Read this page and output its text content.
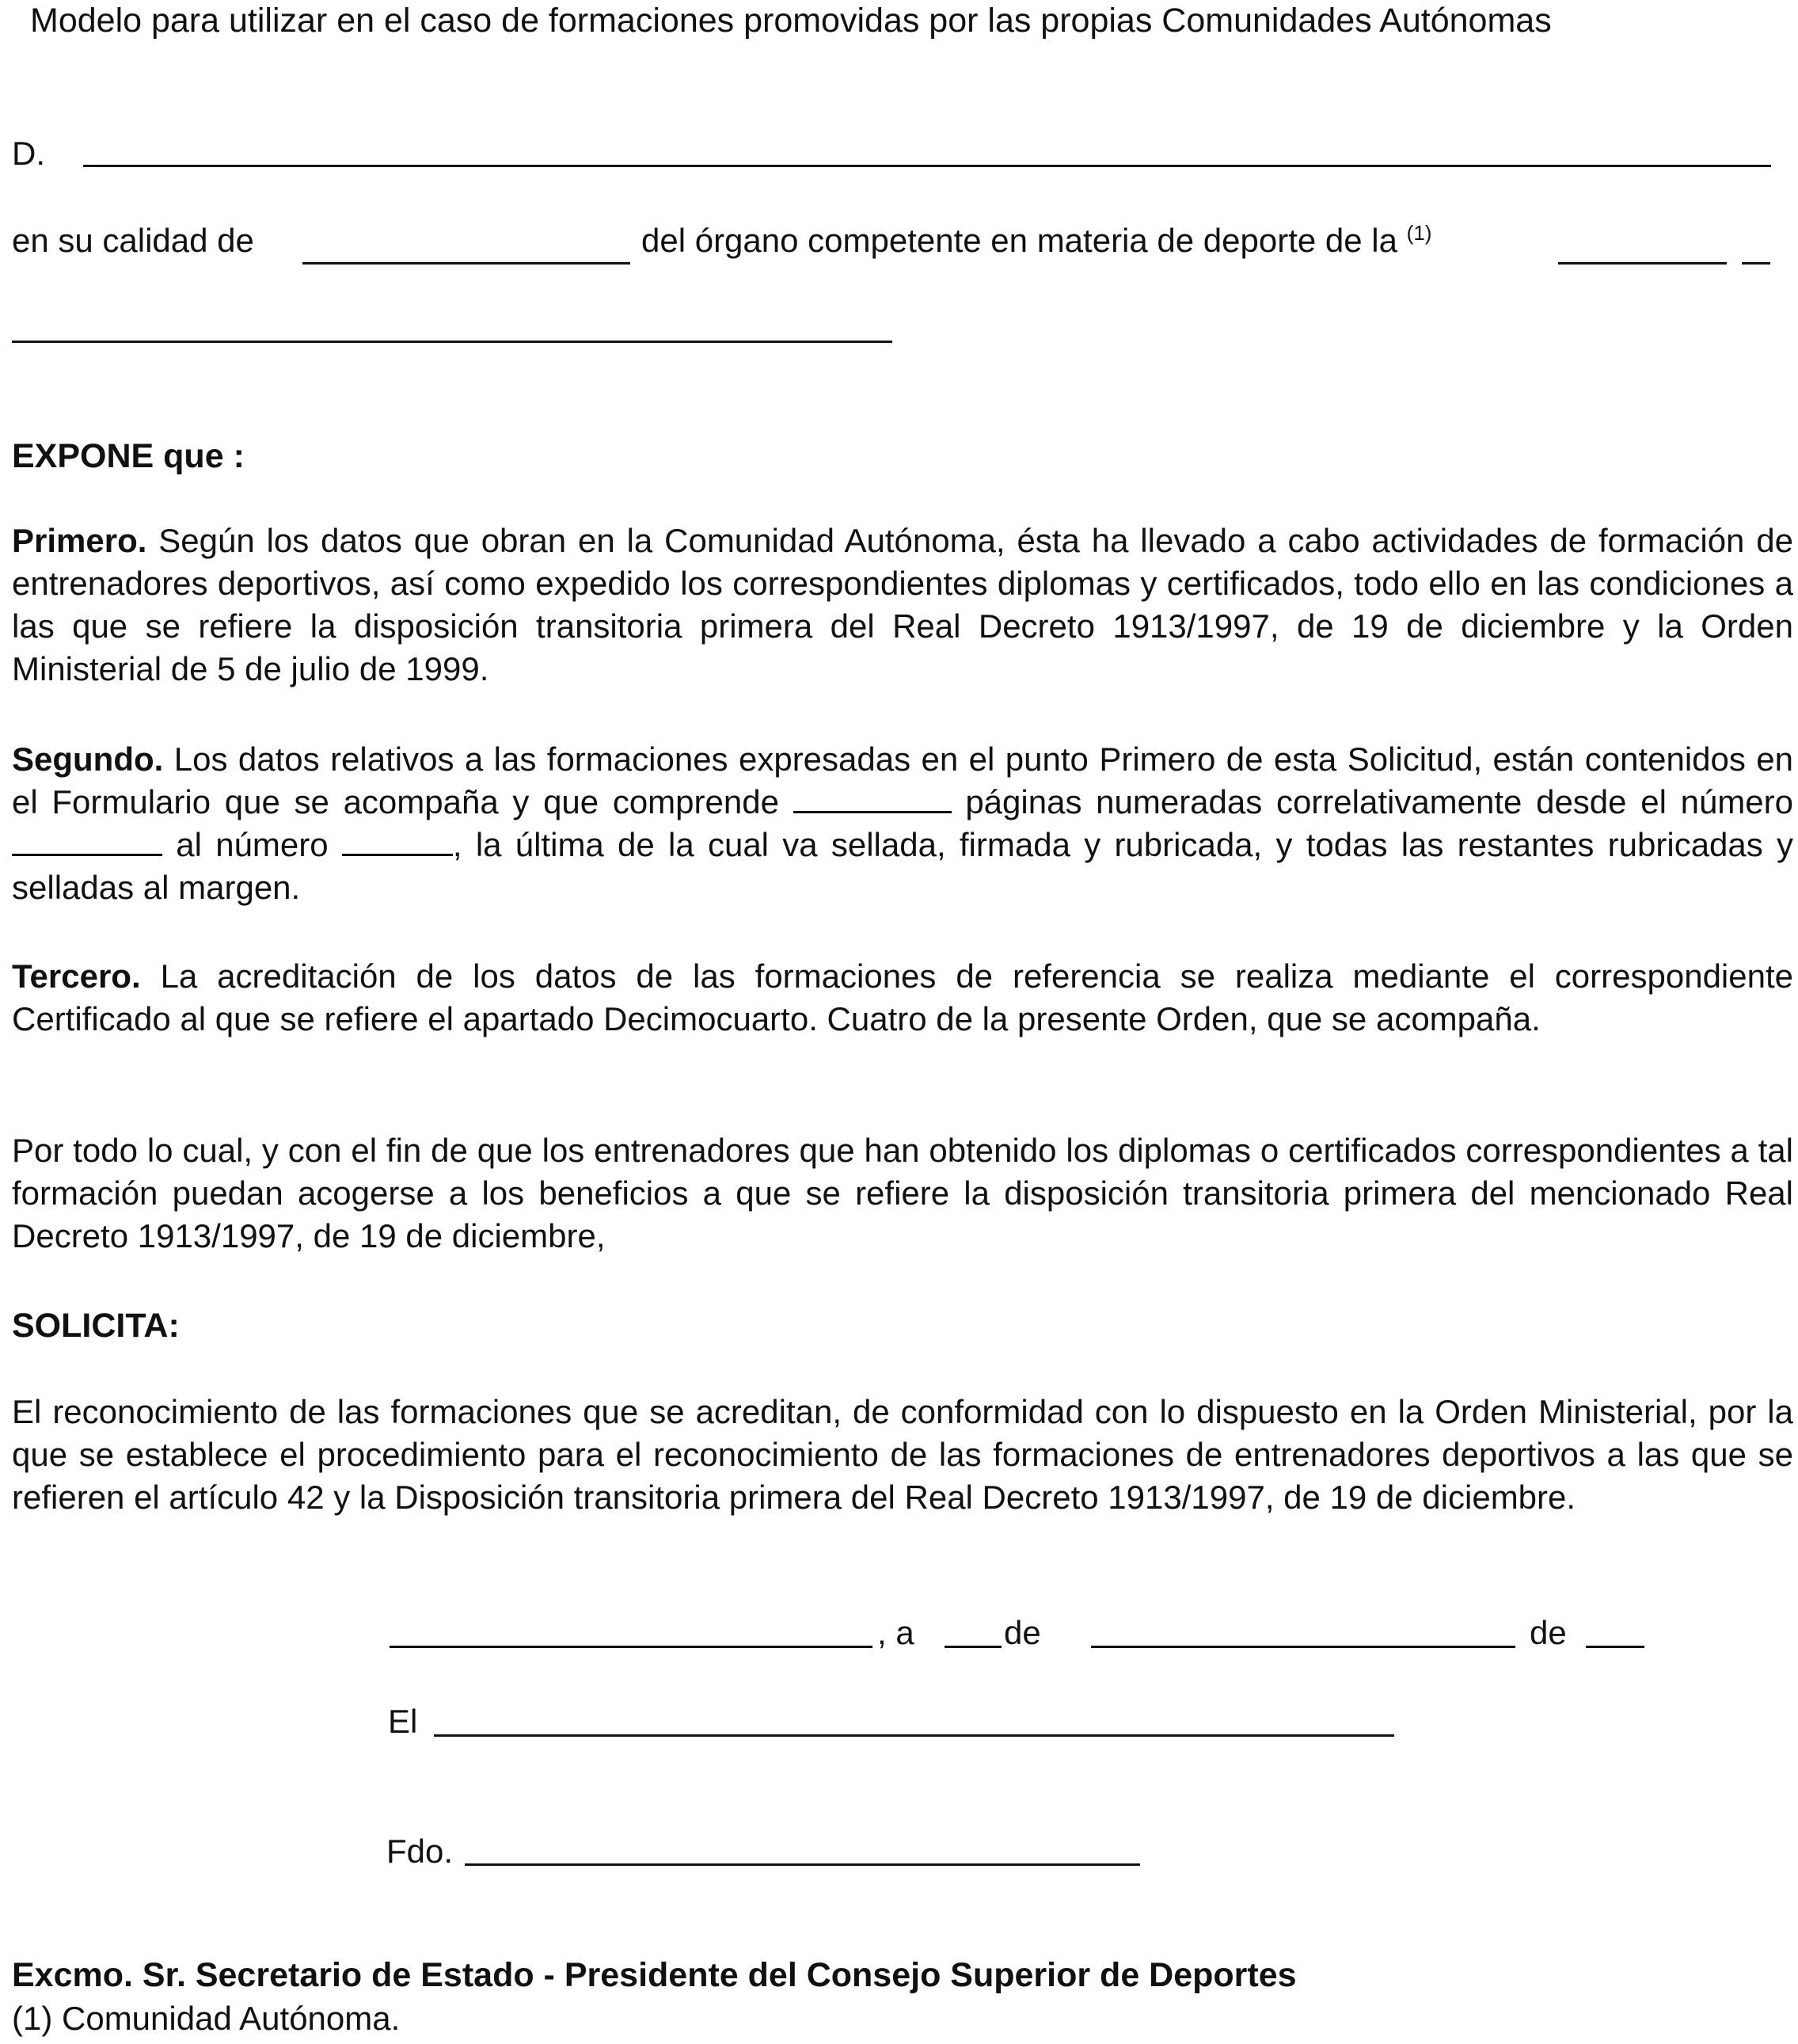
Modelo para utilizar en el caso de formaciones promovidas por las propias Comunidades Autónomas
D.
en su calidad de	del órgano competente en materia de deporte de la $^{(1)}$
EXPONE que :
Primero. Según los datos que obran en la Comunidad Autónoma, ésta ha llevado a cabo actividades de formación de entrenadores deportivos, así como expedido los correspondientes diplomas y certificados, todo ello en las condiciones a las que se refiere la disposición transitoria primera del Real Decreto 1913/1997, de 19 de diciembre y la Orden Ministerial de 5 de julio de 1999.
Segundo. Los datos relativos a las formaciones expresadas en el punto Primero de esta Solicitud, están contenidos en el Formulario que se acompaña y que comprende	páginas numeradas correlativamente desde el número  al número	, la última de la cual va sellada, firmada y rubricada, y todas las restantes rubricadas y selladas al margen.
Tercero. La acreditación de los datos de las formaciones de referencia se realiza mediante el correspondiente Certificado al que se refiere el apartado Decimocuarto. Cuatro de la presente Orden, que se acompaña.
Por todo lo cual, y con el fin de que los entrenadores que han obtenido los diplomas o certificados correspondientes a tal formación puedan acogerse a los beneficios a que se refiere la disposición transitoria primera del mencionado Real Decreto 1913/1997, de 19 de diciembre,
SOLICITA:
El reconocimiento de las formaciones que se acreditan, de conformidad con lo dispuesto en la Orden Ministerial, por la que se establece el procedimiento para el reconocimiento de las formaciones de entrenadores deportivos a las que se refieren el artículo 42 y la Disposición transitoria primera del Real Decreto 1913/1997, de 19 de diciembre.
, a	de	de
El
Fdo.
Excmo. Sr. Secretario de Estado - Presidente del Consejo Superior de Deportes
(1) Comunidad Autónoma.
